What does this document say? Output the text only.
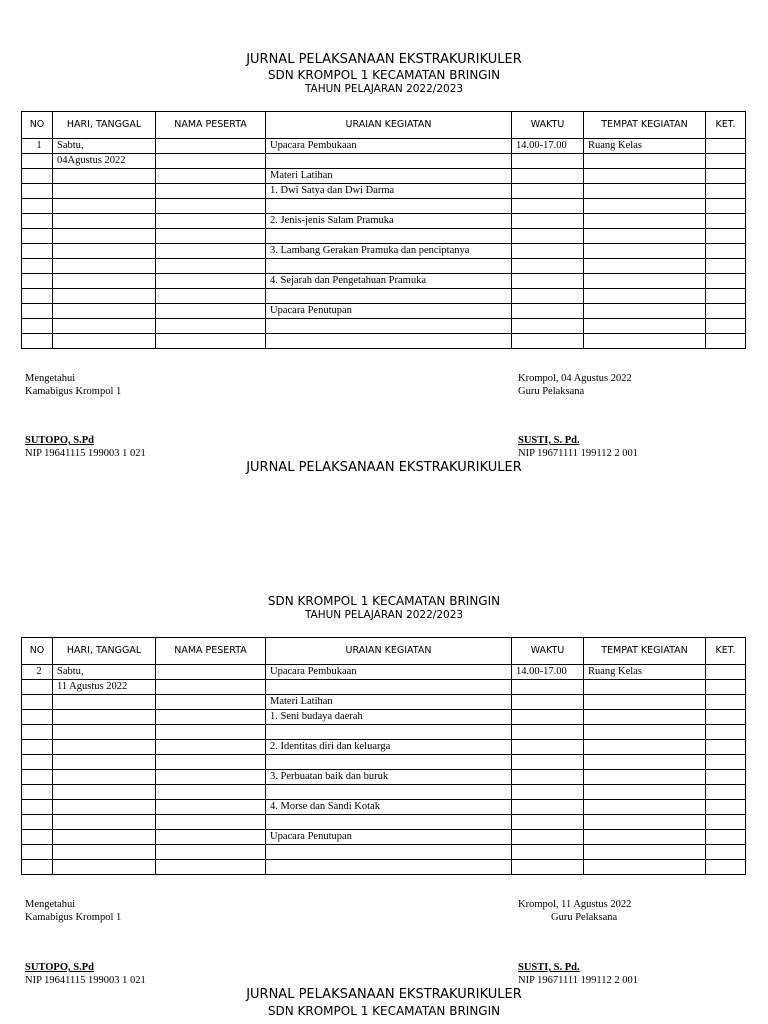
JURNAL PELAKSANAAN EKSTRAKURIKULER
SDN KROMPOL 1 KECAMATAN BRINGIN
TAHUN PELAJARAN 2022/2023
NO	HARI, TANGGAL	NAMA PESERTA	URAIAN KEGIATAN	WAKTU	TEMPAT KEGIATAN	KET.
1	Sabtu,		Upacara Pembukaan	14.00-17.00	Ruang Kelas	
	04Agustus 2022					
			Materi Latihan			
			1. Dwi Satya dan Dwi Darma			

			2. Jenis-jenis Salam Pramuka			

			3. Lambang Gerakan Pramuka dan penciptanya			

			4. Sejarah dan Pengetahuan Pramuka			

			Upacara Penutupan			

Mengetahui
Kamabigus Krompol 1
Krompol, 04 Agustus 2022
Guru Pelaksana
SUTOPO, S.Pd
NIP 19641115 199003 1 021
SUSTI, S. Pd.
NIP 19671111 199112 2 001
JURNAL PELAKSANAAN EKSTRAKURIKULER
SDN KROMPOL 1 KECAMATAN BRINGIN
TAHUN PELAJARAN 2022/2023
NO	HARI, TANGGAL	NAMA PESERTA	URAIAN KEGIATAN	WAKTU	TEMPAT KEGIATAN	KET.
2	Sabtu,		Upacara Pembukaan	14.00-17.00	Ruang Kelas	
	11 Agustus 2022					
			Materi Latihan			
			1. Seni budaya daerah			

			2. Identitas diri dan keluarga			

			3. Perbuatan baik dan buruk			

			4. Morse dan Sandi Kotak			

			Upacara Penutupan			

Mengetahui
Kamabigus Krompol 1
Krompol, 11 Agustus 2022
Guru Pelaksana
SUTOPO, S.Pd
NIP 19641115 199003 1 021
SUSTI, S. Pd.
NIP 19671111 199112 2 001
JURNAL PELAKSANAAN EKSTRAKURIKULER
SDN KROMPOL 1 KECAMATAN BRINGIN
